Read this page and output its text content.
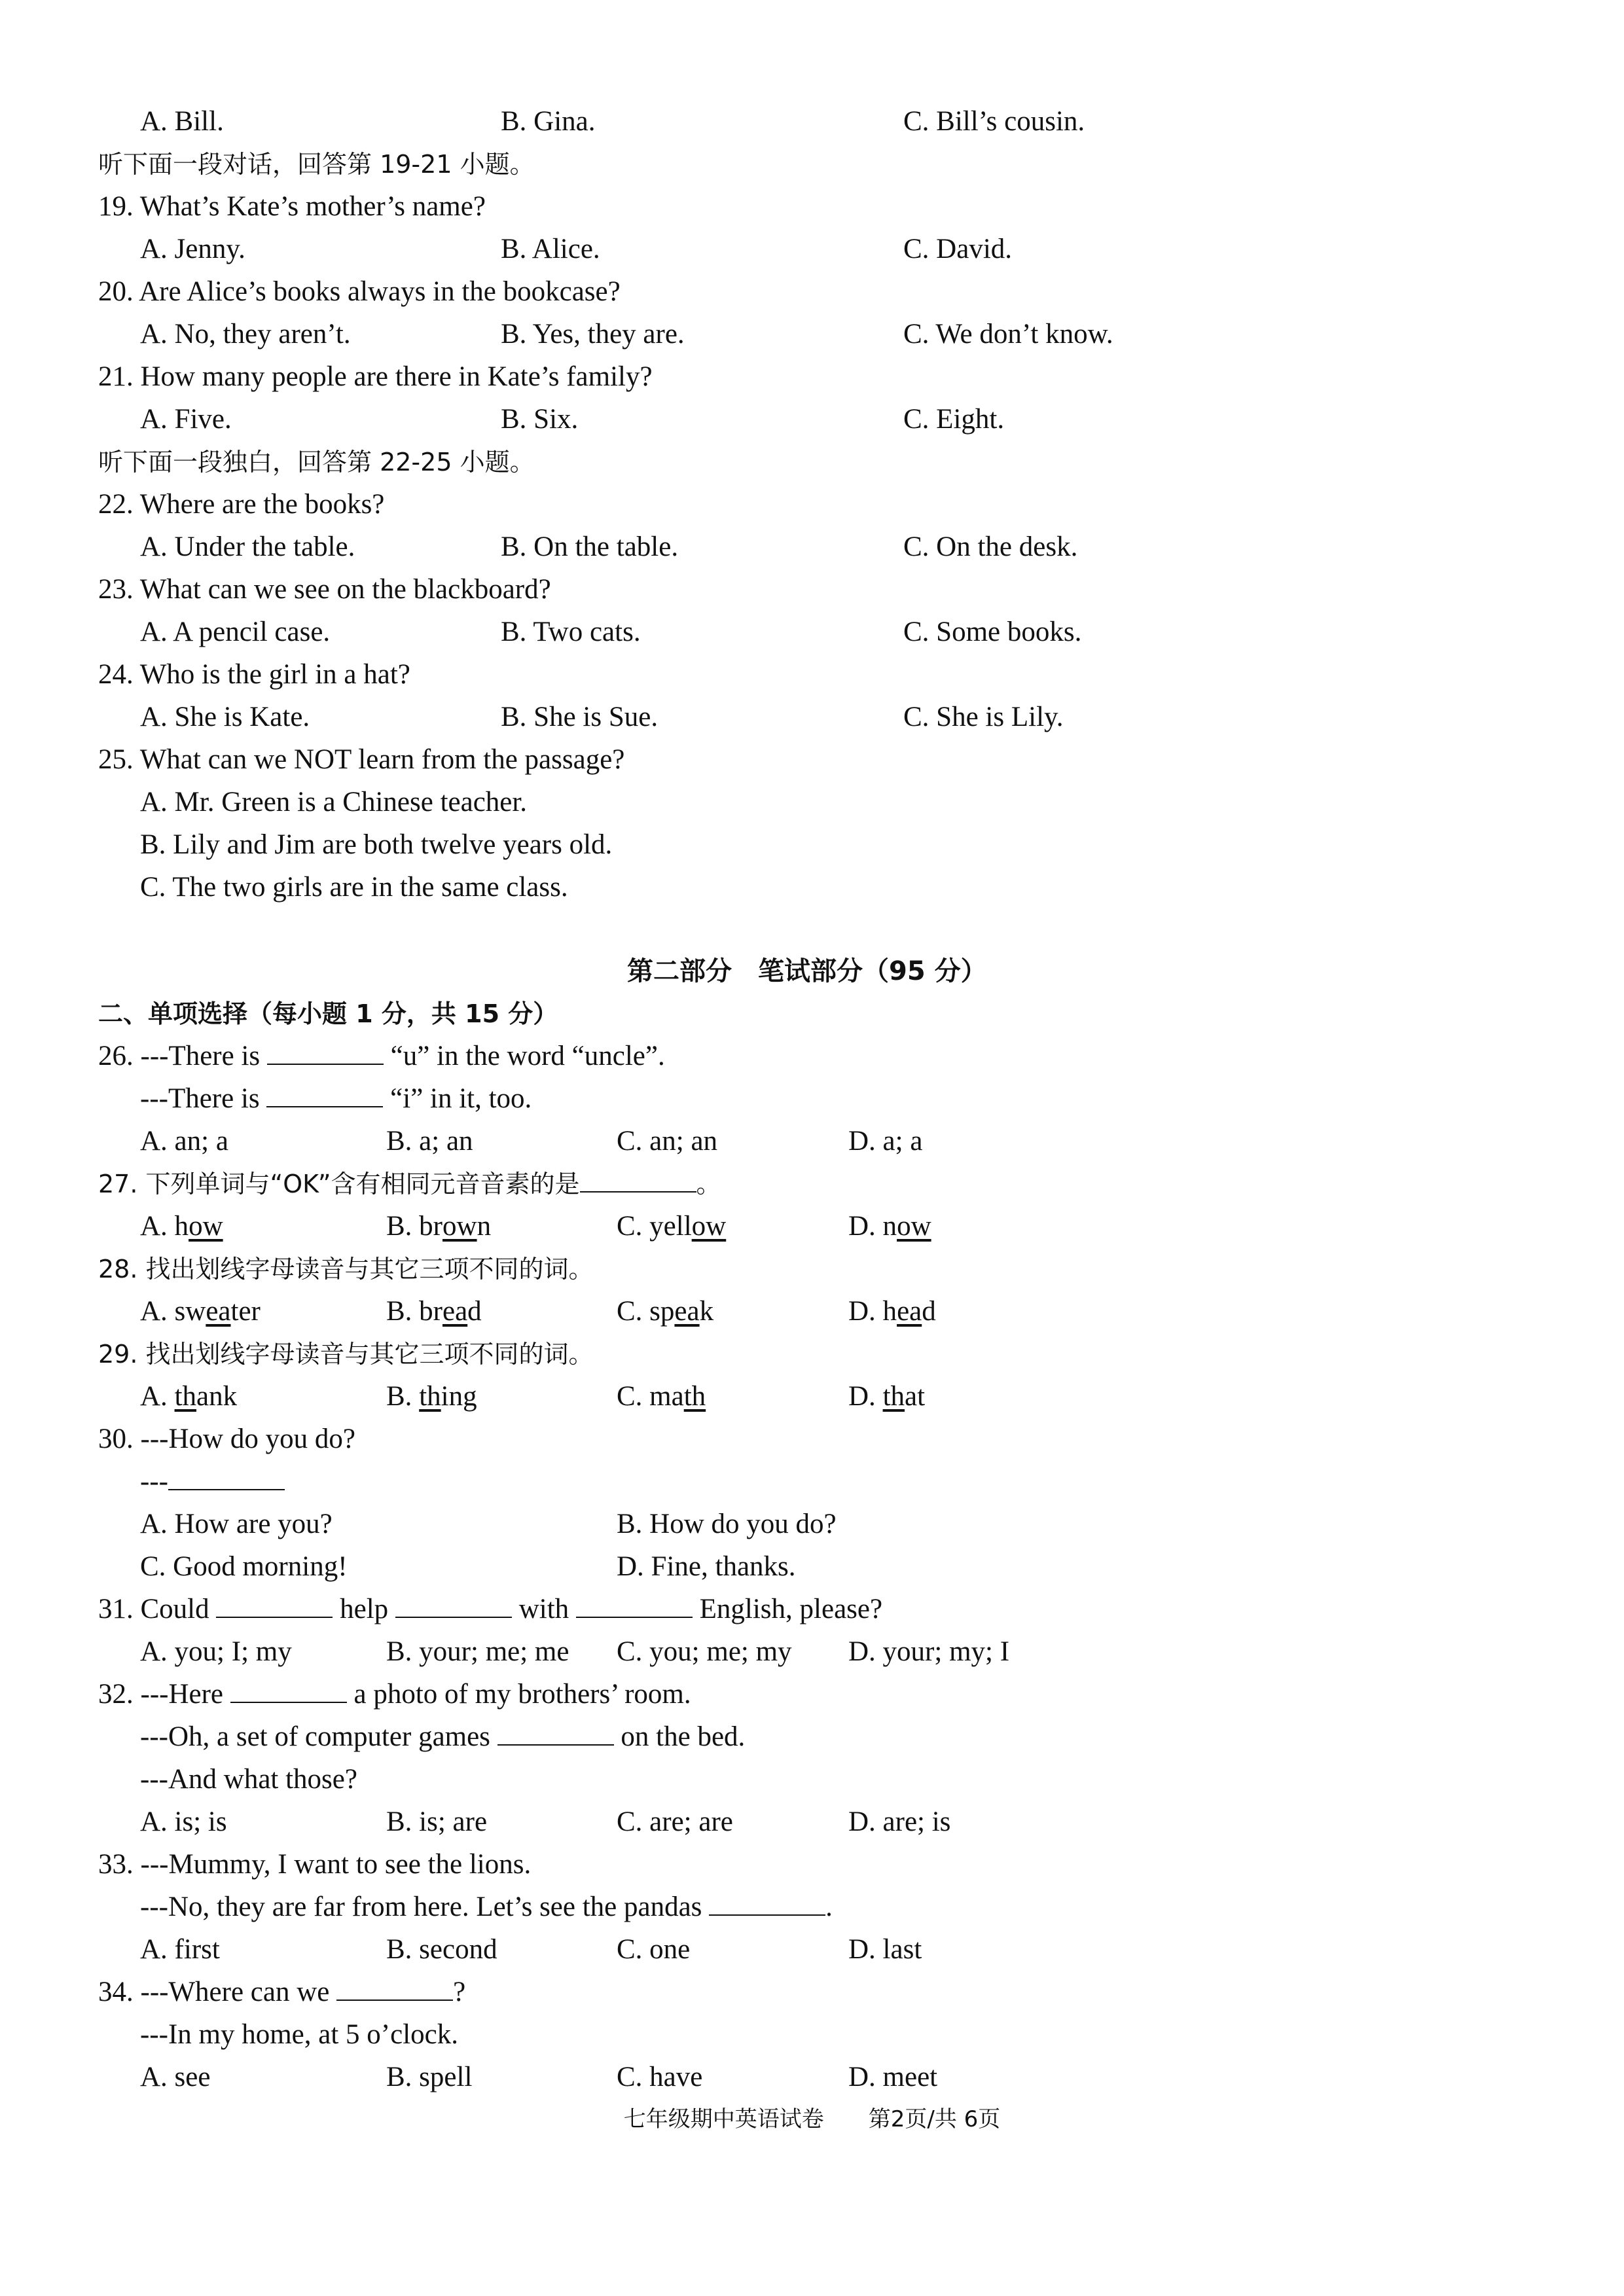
A. Bill.	B. Gina.	C. Bill’s cousin.
听下面一段对话，回答第 19-21 小题。
19. What’s Kate’s mother’s name?
A. Jenny.	B. Alice.	C. David.
20. Are Alice’s books always in the bookcase?
A. No, they aren’t.	B. Yes, they are.	C. We don’t know.
21. How many people are there in Kate’s family?
A. Five.	B. Six.	C. Eight.
听下面一段独白，回答第 22-25 小题。
22. Where are the books?
A. Under the table.	B. On the table.	C. On the desk.
23. What can we see on the blackboard?
A. A pencil case.	B. Two cats.	C. Some books.
24. Who is the girl in a hat?
A. She is Kate.	B. She is Sue.	C. She is Lily.
25. What can we NOT learn from the passage?
A. Mr. Green is a Chinese teacher.
B. Lily and Jim are both twelve years old.
C. The two girls are in the same class.
第二部分　笔试部分（95 分）
二、单项选择（每小题 1 分，共 15 分）
26. ---There is	“u” in the word “uncle”.
---There is	“i” in it, too.
A. an; a	B. a; an	C. an; an	D. a; a
27. 下列单词与“OK”含有相同元音音素的是	。
A. how	B. brown	C. yellow	D. now
28. 找出划线字母读音与其它三项不同的词。
A. sweater	B. bread	C. speak	D. head
29. 找出划线字母读音与其它三项不同的词。
A. thank	B. thing	C. math	D. that
30. ---How do you do?
---
A. How are you?	B. How do you do?
C. Good morning!	D. Fine, thanks.
31. Could	help	with	English, please?
A. you; I; my	B. your; me; me C. you; me; my D. your; my; I
32. ---Here	a photo of my brothers’ room.
---Oh, a set of computer games	on the bed.
---And what those?
A. is; is	B. is; are	C. are; are	D. are; is
33. ---Mummy, I want to see the lions.
---No, they are far from here. Let’s see the pandas	.
A. first	B. second	C. one	D. last
34. ---Where can we	?
---In my home, at 5 o’clock.
A. see	B. spell	C. have	D. meet
七年级期中英语试卷　　第2页/共 6页
